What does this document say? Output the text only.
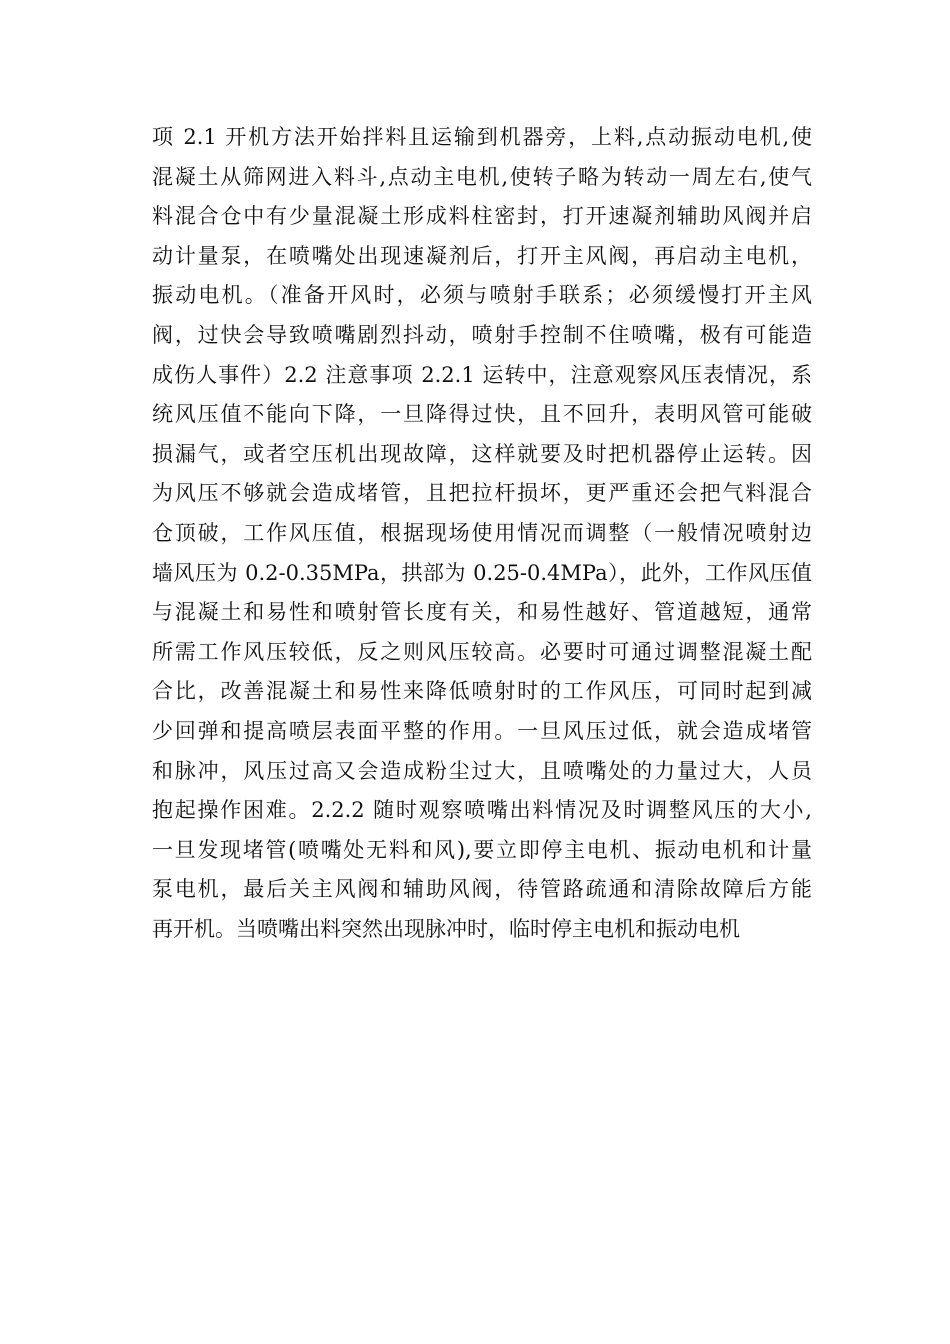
项 2.1 开机方法开始拌料且运输到机器旁，上料,点动振动电机,使
混凝土从筛网进入料斗,点动主电机,使转子略为转动一周左右,使气
料混合仓中有少量混凝土形成料柱密封，打开速凝剂辅助风阀并启
动计量泵，在喷嘴处出现速凝剂后，打开主风阀，再启动主电机，
振动电机。（准备开风时，必须与喷射手联系；必须缓慢打开主风
阀，过快会导致喷嘴剧烈抖动，喷射手控制不住喷嘴，极有可能造
成伤人事件）2.2 注意事项 2.2.1 运转中，注意观察风压表情况，系
统风压值不能向下降，一旦降得过快，且不回升，表明风管可能破
损漏气，或者空压机出现故障，这样就要及时把机器停止运转。因
为风压不够就会造成堵管，且把拉杆损坏，更严重还会把气料混合
仓顶破，工作风压值，根据现场使用情况而调整（一般情况喷射边
墙风压为 0.2-0.35MPa，拱部为 0.25-0.4MPa），此外，工作风压值
与混凝土和易性和喷射管长度有关，和易性越好、管道越短，通常
所需工作风压较低，反之则风压较高。必要时可通过调整混凝土配
合比，改善混凝土和易性来降低喷射时的工作风压，可同时起到减
少回弹和提高喷层表面平整的作用。一旦风压过低，就会造成堵管
和脉冲，风压过高又会造成粉尘过大，且喷嘴处的力量过大，人员
抱起操作困难。2.2.2 随时观察喷嘴出料情况及时调整风压的大小,
一旦发现堵管(喷嘴处无料和风),要立即停主电机、振动电机和计量
泵电机，最后关主风阀和辅助风阀，待管路疏通和清除故障后方能
再开机。当喷嘴出料突然出现脉冲时，临时停主电机和振动电机
